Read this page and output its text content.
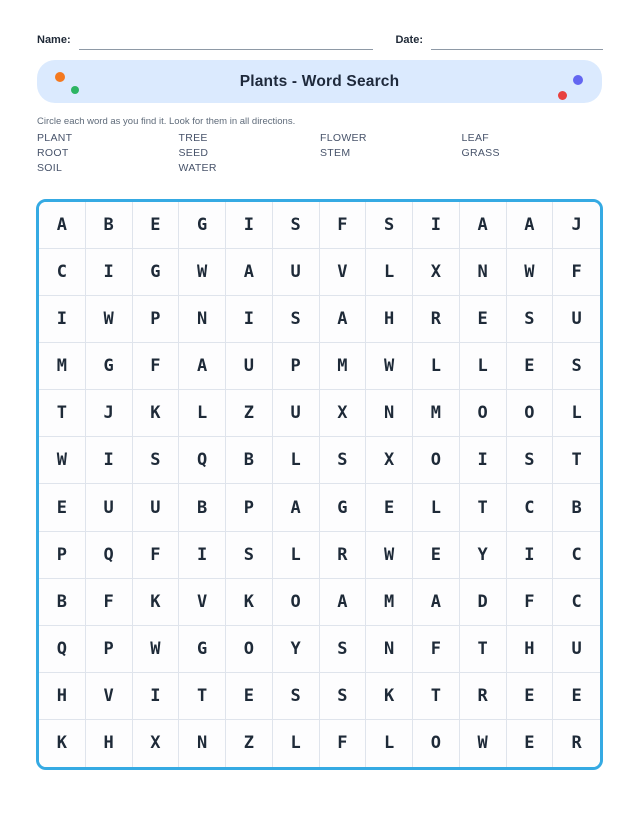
Name:	Date:
Plants - Word Search
Circle each word as you find it. Look for them in all directions.
PLANT
ROOT
SOIL
TREE
SEED
WATER
FLOWER
STEM
LEAF
GRASS
A	B	E	G	I	S	F	S	I	A	A	J
C	I	G	W	A	U	V	L	X	N	W	F
I	W	P	N	I	S	A	H	R	E	S	U
M	G	F	A	U	P	M	W	L	L	E	S
T	J	K	L	Z	U	X	N	M	O	O	L
W	I	S	Q	B	L	S	X	O	I	S	T
E	U	U	B	P	A	G	E	L	T	C	B
P	Q	F	I	S	L	R	W	E	Y	I	C
B	F	K	V	K	O	A	M	A	D	F	C
Q	P	W	G	O	Y	S	N	F	T	H	U
H	V	I	T	E	S	S	K	T	R	E	E
K	H	X	N	Z	L	F	L	O	W	E	R
